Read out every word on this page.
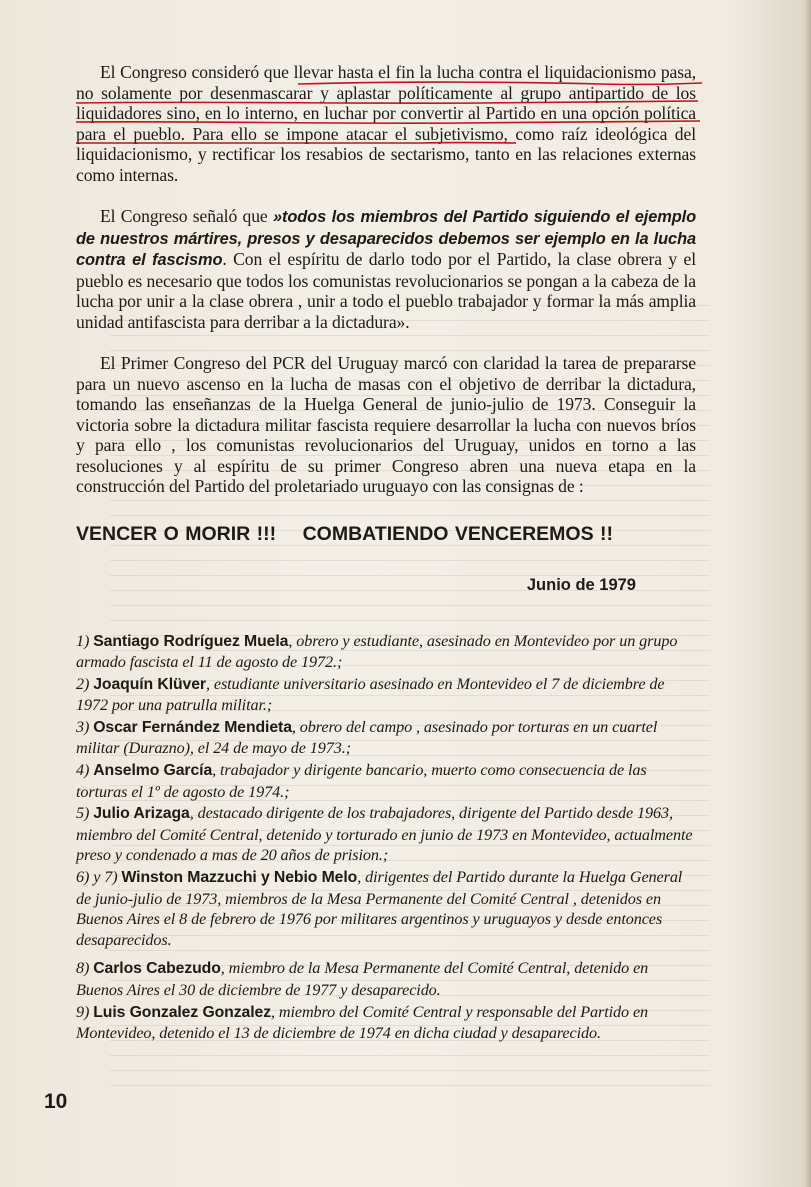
El Congreso consideró que llevar hasta el fin la lucha contra el liquidacionismo pasa, no solamente por desenmascarar y aplastar políticamente al grupo antipartido de los liquidadores sino, en lo interno, en luchar por convertir al Partido en una opción política para el pueblo. Para ello se impone atacar el subjetivismo, como raíz ideológica del liquidacionismo, y rectificar los resabios de sectarismo, tanto en las relaciones externas como internas.

El Congreso señaló que »todos los miembros del Partido siguiendo el ejemplo de nuestros mártires, presos y desaparecidos debemos ser ejemplo en la lucha contra el fascismo. Con el espíritu de darlo todo por el Partido, la clase obrera y el pueblo es necesario que todos los comunistas revolucionarios se pongan a la cabeza de la lucha por unir a la clase obrera , unir a todo el pueblo trabajador y formar la más amplia unidad antifascista para derribar a la dictadura».

El Primer Congreso del PCR del Uruguay marcó con claridad la tarea de prepararse para un nuevo ascenso en la lucha de masas con el objetivo de derribar la dictadura, tomando las enseñanzas de la Huelga General de junio-julio de 1973. Conseguir la victoria sobre la dictadura militar fascista requiere desarrollar la lucha con nuevos bríos y para ello , los comunistas revolucionarios del Uruguay, unidos en torno a las resoluciones y al espíritu de su primer Congreso abren una nueva etapa en la construcción del Partido del proletariado uruguayo con las consignas de :

VENCER O MORIR !!! COMBATIENDO VENCEREMOS !!
Junio de 1979

1) Santiago Rodríguez Muela, obrero y estudiante, asesinado en Montevideo por un grupo armado fascista el 11 de agosto de 1972.;

2) Joaquín Klüver, estudiante universitario asesinado en Montevideo el 7 de diciembre de 1972 por una patrulla militar.;

3) Oscar Fernández Mendieta, obrero del campo , asesinado por torturas en un cuartel militar (Durazno), el 24 de mayo de 1973.;

4) Anselmo García, trabajador y dirigente bancario, muerto como consecuencia de las torturas el 1º de agosto de 1974.;

5) Julio Arizaga, destacado dirigente de los trabajadores, dirigente del Partido desde 1963, miembro del Comité Central, detenido y torturado en junio de 1973 en Montevideo, actualmente preso y condenado a mas de 20 años de prision.;

6) y 7) Winston Mazzuchi y Nebio Melo, dirigentes del Partido durante la Huelga General de junio-julio de 1973, miembros de la Mesa Permanente del Comité Central , detenidos en Buenos Aires el 8 de febrero de 1976 por militares argentinos y uruguayos y desde entonces desaparecidos.

8) Carlos Cabezudo, miembro de la Mesa Permanente del Comité Central, detenido en Buenos Aires el 30 de diciembre de 1977 y desaparecido.

9) Luis Gonzalez Gonzalez, miembro del Comité Central y responsable del Partido en Montevideo, detenido el 13 de diciembre de 1974 en dicha ciudad y desaparecido.

10
